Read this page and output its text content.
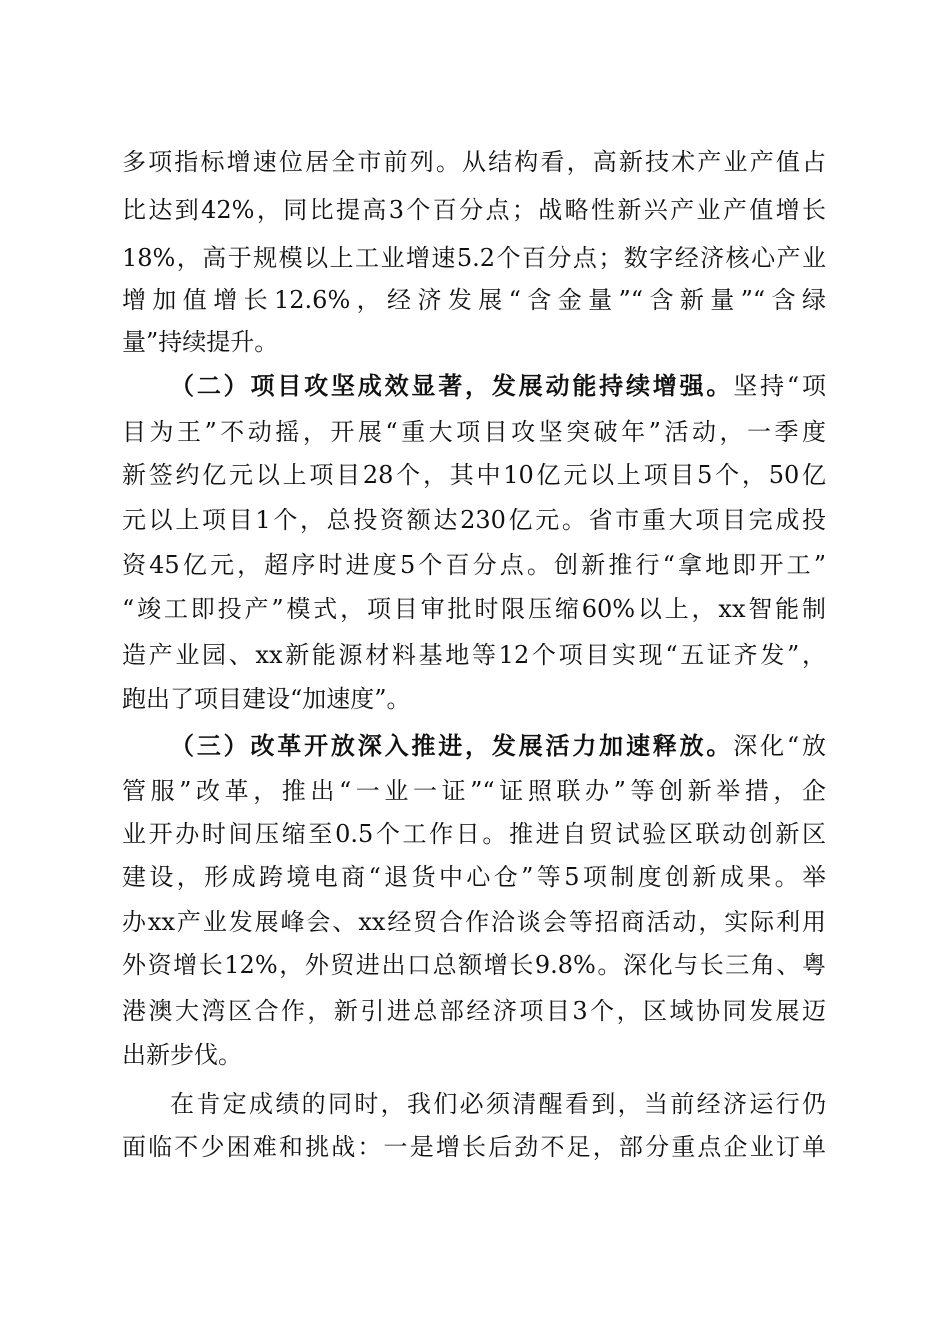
多项指标增速位居全市前列。从结构看，高新技术产业产值占
比达到42%，同比提高3个百分点；战略性新兴产业产值增长
18%，高于规模以上工业增速5.2个百分点；数字经济核心产业
增加值增长12.6%，经济发展“含金量”“含新量”“含绿
量”持续提升。
（二）项目攻坚成效显著，发展动能持续增强。坚持“项
目为王”不动摇，开展“重大项目攻坚突破年”活动，一季度
新签约亿元以上项目28个，其中10亿元以上项目5个，50亿
元以上项目1个，总投资额达230亿元。省市重大项目完成投
资45亿元，超序时进度5个百分点。创新推行“拿地即开工”
“竣工即投产”模式，项目审批时限压缩60%以上，xx智能制
造产业园、xx新能源材料基地等12个项目实现“五证齐发”，
跑出了项目建设“加速度”。
（三）改革开放深入推进，发展活力加速释放。深化“放
管服”改革，推出“一业一证”“证照联办”等创新举措，企
业开办时间压缩至0.5个工作日。推进自贸试验区联动创新区
建设，形成跨境电商“退货中心仓”等5项制度创新成果。举
办xx产业发展峰会、xx经贸合作洽谈会等招商活动，实际利用
外资增长12%，外贸进出口总额增长9.8%。深化与长三角、粤
港澳大湾区合作，新引进总部经济项目3个，区域协同发展迈
出新步伐。
在肯定成绩的同时，我们必须清醒看到，当前经济运行仍
面临不少困难和挑战：一是增长后劲不足，部分重点企业订单
